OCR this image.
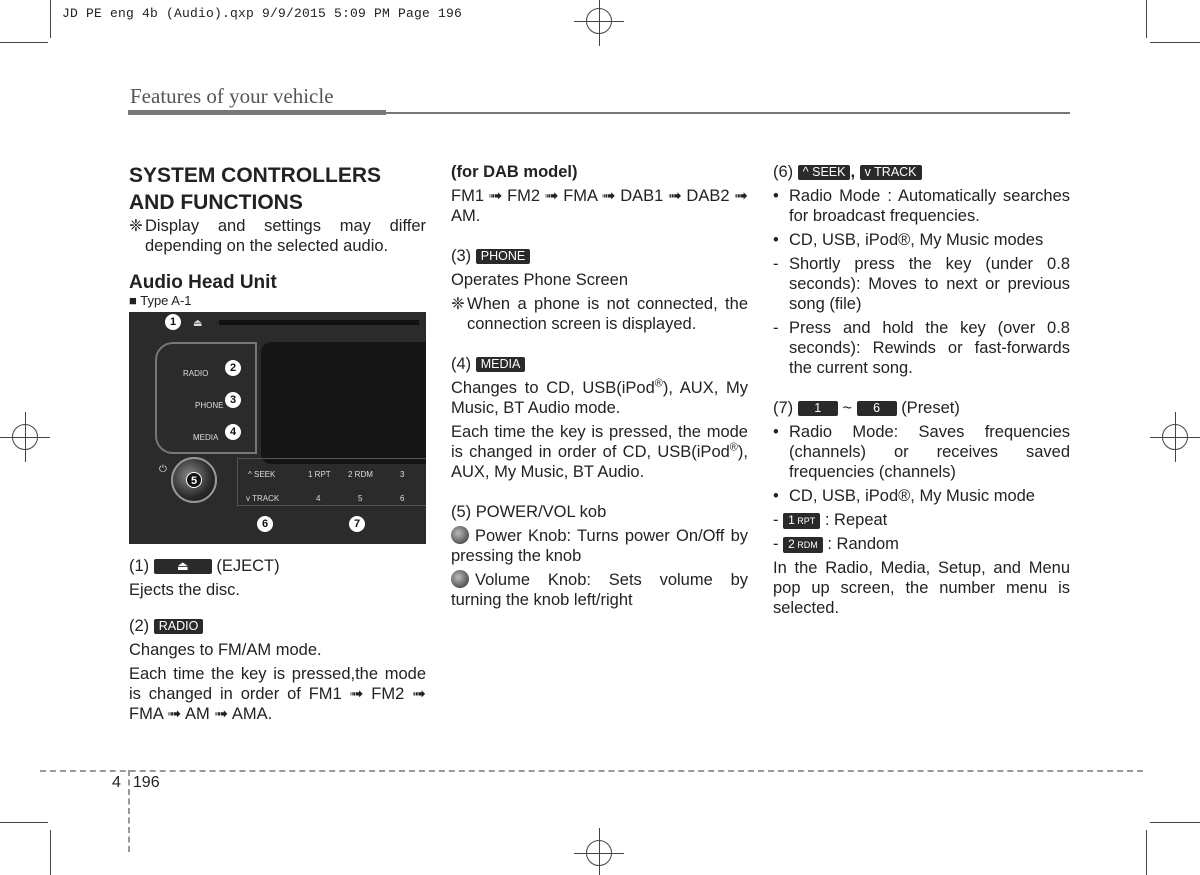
JD PE eng 4b (Audio).qxp 9/9/2015 5:09 PM Page 196
Features of your vehicle
SYSTEM CONTROLLERS
AND FUNCTIONS
❈ Display and settings may differ depending on the selected audio.
Audio Head Unit
■ Type A-1
⏏
RADIO
PHONE
MEDIA
⏻	^ SEEK
v TRACK
1 RPT 2 RDM	3
4	5	6
1
2
3
4
5
6	7
(1) ⏏ (EJECT)
Ejects the disc.
(2) RADIO
Changes to FM/AM mode.
Each time the key is pressed,the mode is changed in order of FM1 ➟ FM2 ➟ FMA ➟ AM ➟ AMA.
(for DAB model)
FM1 ➟ FM2 ➟ FMA ➟ DAB1 ➟ DAB2 ➟ AM.
(3) PHONE
Operates Phone Screen
❈ When a phone is not connected, the connection screen is displayed.
(4) MEDIA
Changes to CD, USB(iPod®), AUX, My Music, BT Audio mode.
Each time the key is pressed, the mode is changed in order of CD, USB(iPod®), AUX, My Music, BT Audio.
(5) POWER/VOL kob
Power Knob: Turns power On/Off by pressing the knob
Volume Knob: Sets volume by turning the knob left/right
(6) ^ SEEK , v TRACK
• Radio Mode : Automatically searches for broadcast frequencies.
• CD, USB, iPod®, My Music modes
- Shortly press the key (under 0.8 seconds): Moves to next or previous song (file)
- Press and hold the key (over 0.8 seconds): Rewinds or fast-forwards the current song.
(7) 1 ~ 6 (Preset)
• Radio Mode: Saves frequencies (channels) or receives saved frequencies (channels)
• CD, USB, iPod®, My Music mode
- 1 RPT : Repeat
- 2 RDM : Random
In the Radio, Media, Setup, and Menu pop up screen, the number menu is selected.
4 196
